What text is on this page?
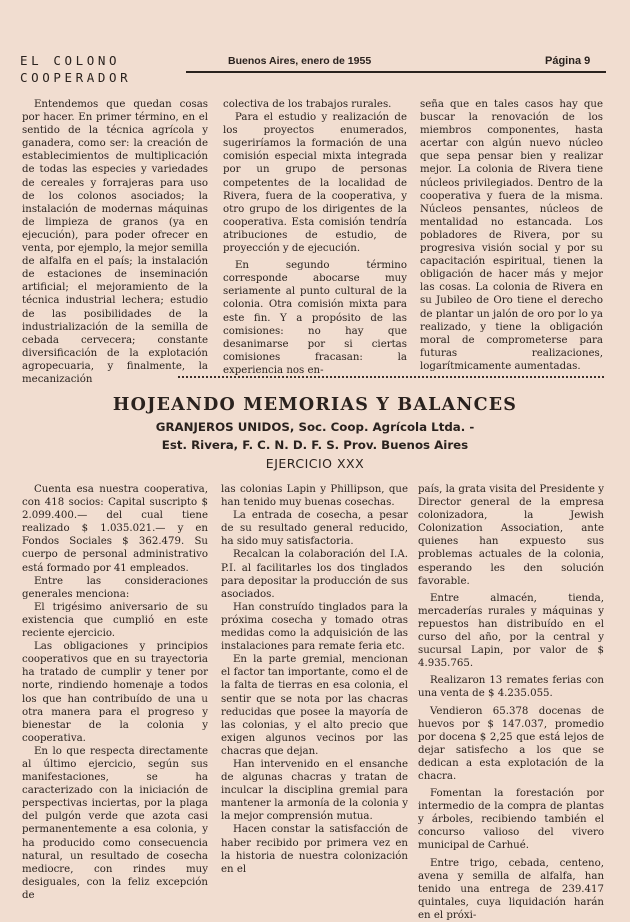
EL COLONO
COOPERADOR
Buenos Aires, enero de 1955	Página 9

Entendemos que quedan cosas por hacer. En primer término, en el sentido de la técnica agrícola y ganadera, como ser: la creación de establecimientos de multiplicación de todas las especies y variedades de cereales y forrajeras para uso de los colonos asociados; la instalación de modernas máquinas de limpieza de granos (ya en ejecución), para poder ofrecer en venta, por ejemplo, la mejor semilla de alfalfa en el país; la instalación de estaciones de inseminación artificial; el mejoramiento de la técnica industrial lechera; estudio de las posibilidades de la industrialización de la semilla de cebada cervecera; constante diversificación de la explotación agropecuaria, y finalmente, la mecanización

colectiva de los trabajos rurales.

Para el estudio y realización de los proyectos enumerados, sugeriríamos la formación de una comisión especial mixta integrada por un grupo de personas competentes de la localidad de Rivera, fuera de la cooperativa, y otro grupo de los dirigentes de la cooperativa. Esta comisión tendría atribuciones de estudio, de proyección y de ejecución.

En segundo término corresponde abocarse muy seriamente al punto cultural de la colonia. Otra comisión mixta para este fin. Y a propósito de las comisiones: no hay que desanimarse por si ciertas comisiones fracasan: la experiencia nos en-

seña que en tales casos hay que buscar la renovación de los miembros componentes, hasta acertar con algún nuevo núcleo que sepa pensar bien y realizar mejor. La colonia de Rivera tiene núcleos privilegiados. Dentro de la cooperativa y fuera de la misma. Núcleos pensantes, núcleos de mentalidad no estancada. Los pobladores de Rivera, por su progresiva visión social y por su capacitación espiritual, tienen la obligación de hacer más y mejor las cosas. La colonia de Rivera en su Jubileo de Oro tiene el derecho de plantar un jalón de oro por lo ya realizado, y tiene la obligación moral de comprometerse para futuras realizaciones, logarítmicamente aumentadas.

HOJEANDO MEMORIAS Y BALANCES
GRANJEROS UNIDOS, Soc. Coop. Agrícola Ltda. -
Est. Rivera, F. C. N. D. F. S. Prov. Buenos Aires
EJERCICIO XXX

Cuenta esa nuestra cooperativa, con 418 socios: Capital suscripto $ 2.099.400.— del cual tiene realizado $ 1.035.021.— y en Fondos Sociales $ 362.479. Su cuerpo de personal administrativo está formado por 41 empleados.

Entre las consideraciones generales menciona:

El trigésimo aniversario de su existencia que cumplió en este reciente ejercicio.

Las obligaciones y principios cooperativos que en su trayectoria ha tratado de cumplir y tener por norte, rindiendo homenaje a todos los que han contribuído de una u otra manera para el progreso y bienestar de la colonia y cooperativa.

En lo que respecta directamente al último ejercicio, según sus manifestaciones, se ha caracterizado con la iniciación de perspectivas inciertas, por la plaga del pulgón verde que azota casi permanentemente a esa colonia, y ha producido como consecuencia natural, un resultado de cosecha mediocre, con rindes muy desiguales, con la feliz excepción de

las colonias Lapin y Phillipson, que han tenido muy buenas cosechas.

La entrada de cosecha, a pesar de su resultado general reducido, ha sido muy satisfactoria.

Recalcan la colaboración del I.A. P.I. al facilitarles los dos tinglados para depositar la producción de sus asociados.

Han construído tinglados para la próxima cosecha y tomado otras medidas como la adquisición de las instalaciones para remate feria etc.

En la parte gremial, mencionan el factor tan importante, como el de la falta de tierras en esa colonia, el sentir que se nota por las chacras reducidas que posee la mayoría de las colonias, y el alto precio que exigen algunos vecinos por las chacras que dejan.

Han intervenido en el ensanche de algunas chacras y tratan de inculcar la disciplina gremial para mantener la armonía de la colonia y la mejor comprensión mutua.

Hacen constar la satisfacción de haber recibido por primera vez en la historia de nuestra colonización en el

país, la grata visita del Presidente y Director general de la empresa colonizadora, la Jewish Colonization Association, ante quienes han expuesto sus problemas actuales de la colonia, esperando les den solución favorable.

Entre almacén, tienda, mercaderías rurales y máquinas y repuestos han distribuído en el curso del año, por la central y sucursal Lapin, por valor de $ 4.935.765.

Realizaron 13 remates ferias con una venta de $ 4.235.055.

Vendieron 65.378 docenas de huevos por $ 147.037, promedio por docena $ 2,25 que está lejos de dejar satisfecho a los que se dedican a esta explotación de la chacra.

Fomentan la forestación por intermedio de la compra de plantas y árboles, recibiendo también el concurso valioso del vivero municipal de Carhué.

Entre trigo, cebada, centeno, avena y semilla de alfalfa, han tenido una entrega de 239.417 quintales, cuya liquidación harán en el próxi-
